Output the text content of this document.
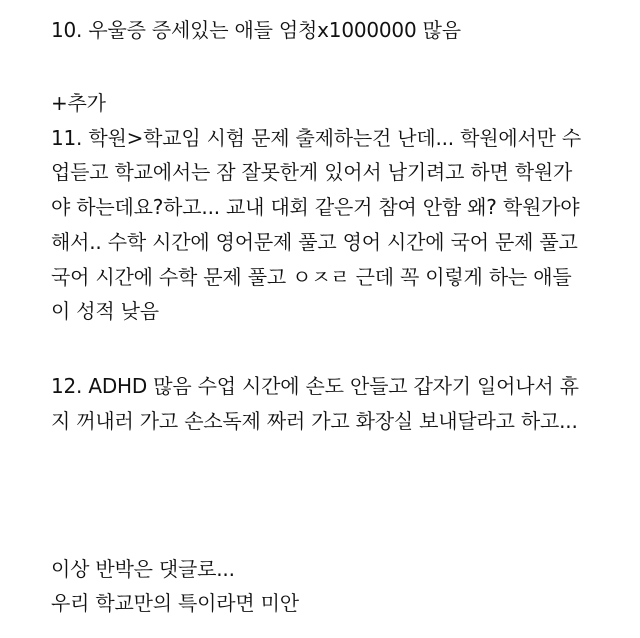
10. 우울증 증세있는 애들 엄청x1000000 많음
+추가
11. 학원>학교임 시험 문제 출제하는건 난데... 학원에서만 수
업듣고 학교에서는 잠 잘못한게 있어서 남기려고 하면 학원가
야 하는데요?하고... 교내 대회 같은거 참여 안함 왜? 학원가야
해서.. 수학 시간에 영어문제 풀고 영어 시간에 국어 문제 풀고
국어 시간에 수학 문제 풀고 ㅇㅈㄹ 근데 꼭 이렇게 하는 애들
이 성적 낮음
12. ADHD 많음 수업 시간에 손도 안들고 갑자기 일어나서 휴
지 꺼내러 가고 손소독제 짜러 가고 화장실 보내달라고 하고...
이상 반박은 댓글로...
우리 학교만의 특이라면 미안
